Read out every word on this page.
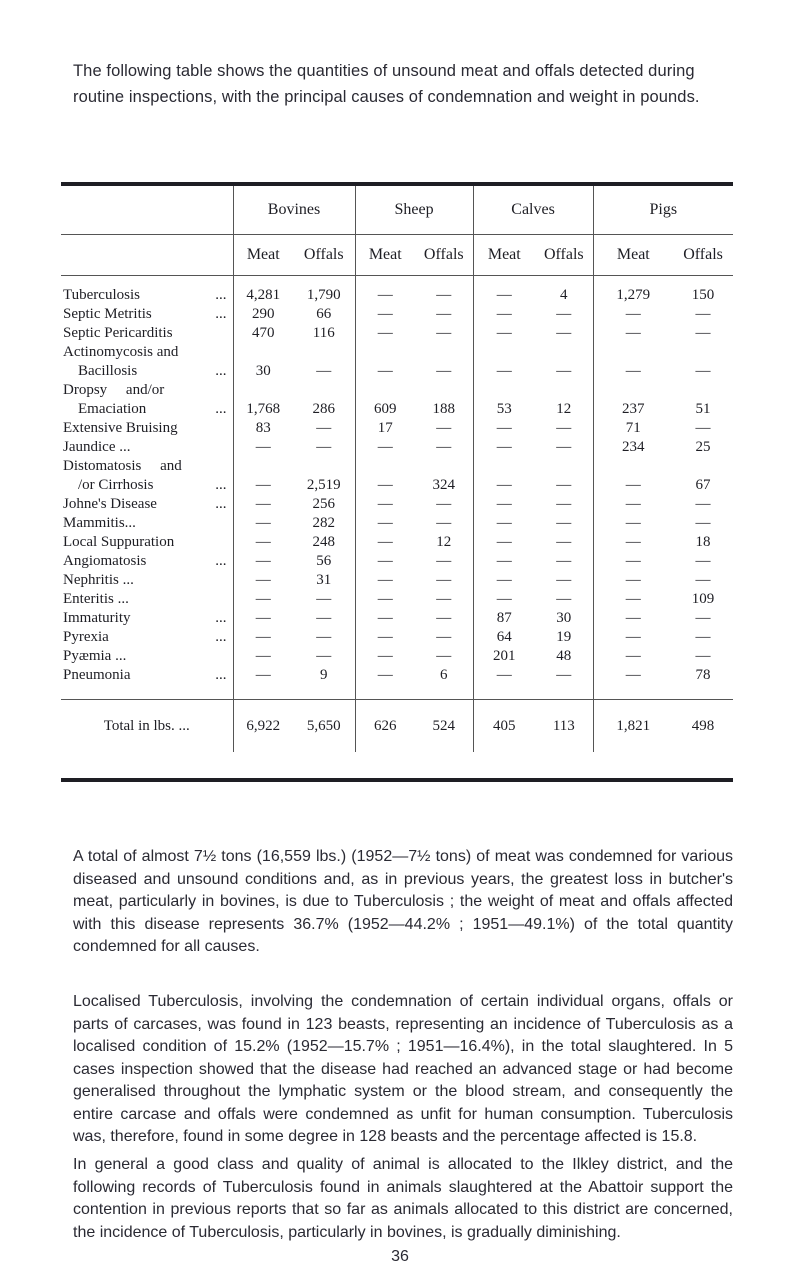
The following table shows the quantities of unsound meat and offals detected during routine inspections, with the principal causes of condemnation and weight in pounds.
	Bovines		Sheep		Calves		Pigs	
	Meat	Offals	Meat	Offals	Meat	Offals	Meat	Offals

Tuberculosis ...	4,281	1,790	—	—	—	4	1,279	150
Septic Metritis ...	290	66	—	—	—	—	—	—
Septic Pericarditis	470	116	—	—	—	—	—	—
Actinomycosis and								
Bacillosis ...	30	—	—	—	—	—	—	—
Dropsy     and/or								
Emaciation ...	1,768	286	609	188	53	12	237	51
Extensive Bruising	83	—	17	—	—	—	71	—
Jaundice ...	—	—	—	—	—	—	234	25
Distomatosis     and								
/or Cirrhosis ...	—	2,519	—	324	—	—	—	67
Johne's Disease ...	—	256	—	—	—	—	—	—
Mammitis...	—	282	—	—	—	—	—	—
Local Suppuration	—	248	—	12	—	—	—	18
Angiomatosis ...	—	56	—	—	—	—	—	—
Nephritis ...	—	31	—	—	—	—	—	—
Enteritis ...	—	—	—	—	—	—	—	109
Immaturity ...	—	—	—	—	87	30	—	—
Pyrexia ...	—	—	—	—	64	19	—	—
Pyæmia ...	—	—	—	—	201	48	—	—
Pneumonia ...	—	9	—	6	—	—	—	78

Total in lbs. ...	6,922	5,650	626	524	405	113	1,821	498
A total of almost 7½ tons (16,559 lbs.) (1952—7½ tons) of meat was condemned for various diseased and unsound conditions and, as in previous years, the greatest loss in butcher's meat, particularly in bovines, is due to Tuberculosis ; the weight of meat and offals affected with this disease represents 36.7% (1952—44.2% ; 1951—49.1%) of the total quantity condemned for all causes.
Localised Tuberculosis, involving the condemnation of certain individual organs, offals or parts of carcases, was found in 123 beasts, representing an incidence of Tuberculosis as a localised condition of 15.2% (1952—15.7% ; 1951—16.4%), in the total slaughtered. In 5 cases inspection showed that the disease had reached an advanced stage or had become generalised throughout the lymphatic system or the blood stream, and consequently the entire carcase and offals were condemned as unfit for human consumption. Tuberculosis was, therefore, found in some degree in 128 beasts and the percentage affected is 15.8.
In general a good class and quality of animal is allocated to the Ilkley district, and the following records of Tuberculosis found in animals slaughtered at the Abattoir support the contention in previous reports that so far as animals allocated to this district are concerned, the incidence of Tuberculosis, particularly in bovines, is gradually diminishing.
36
